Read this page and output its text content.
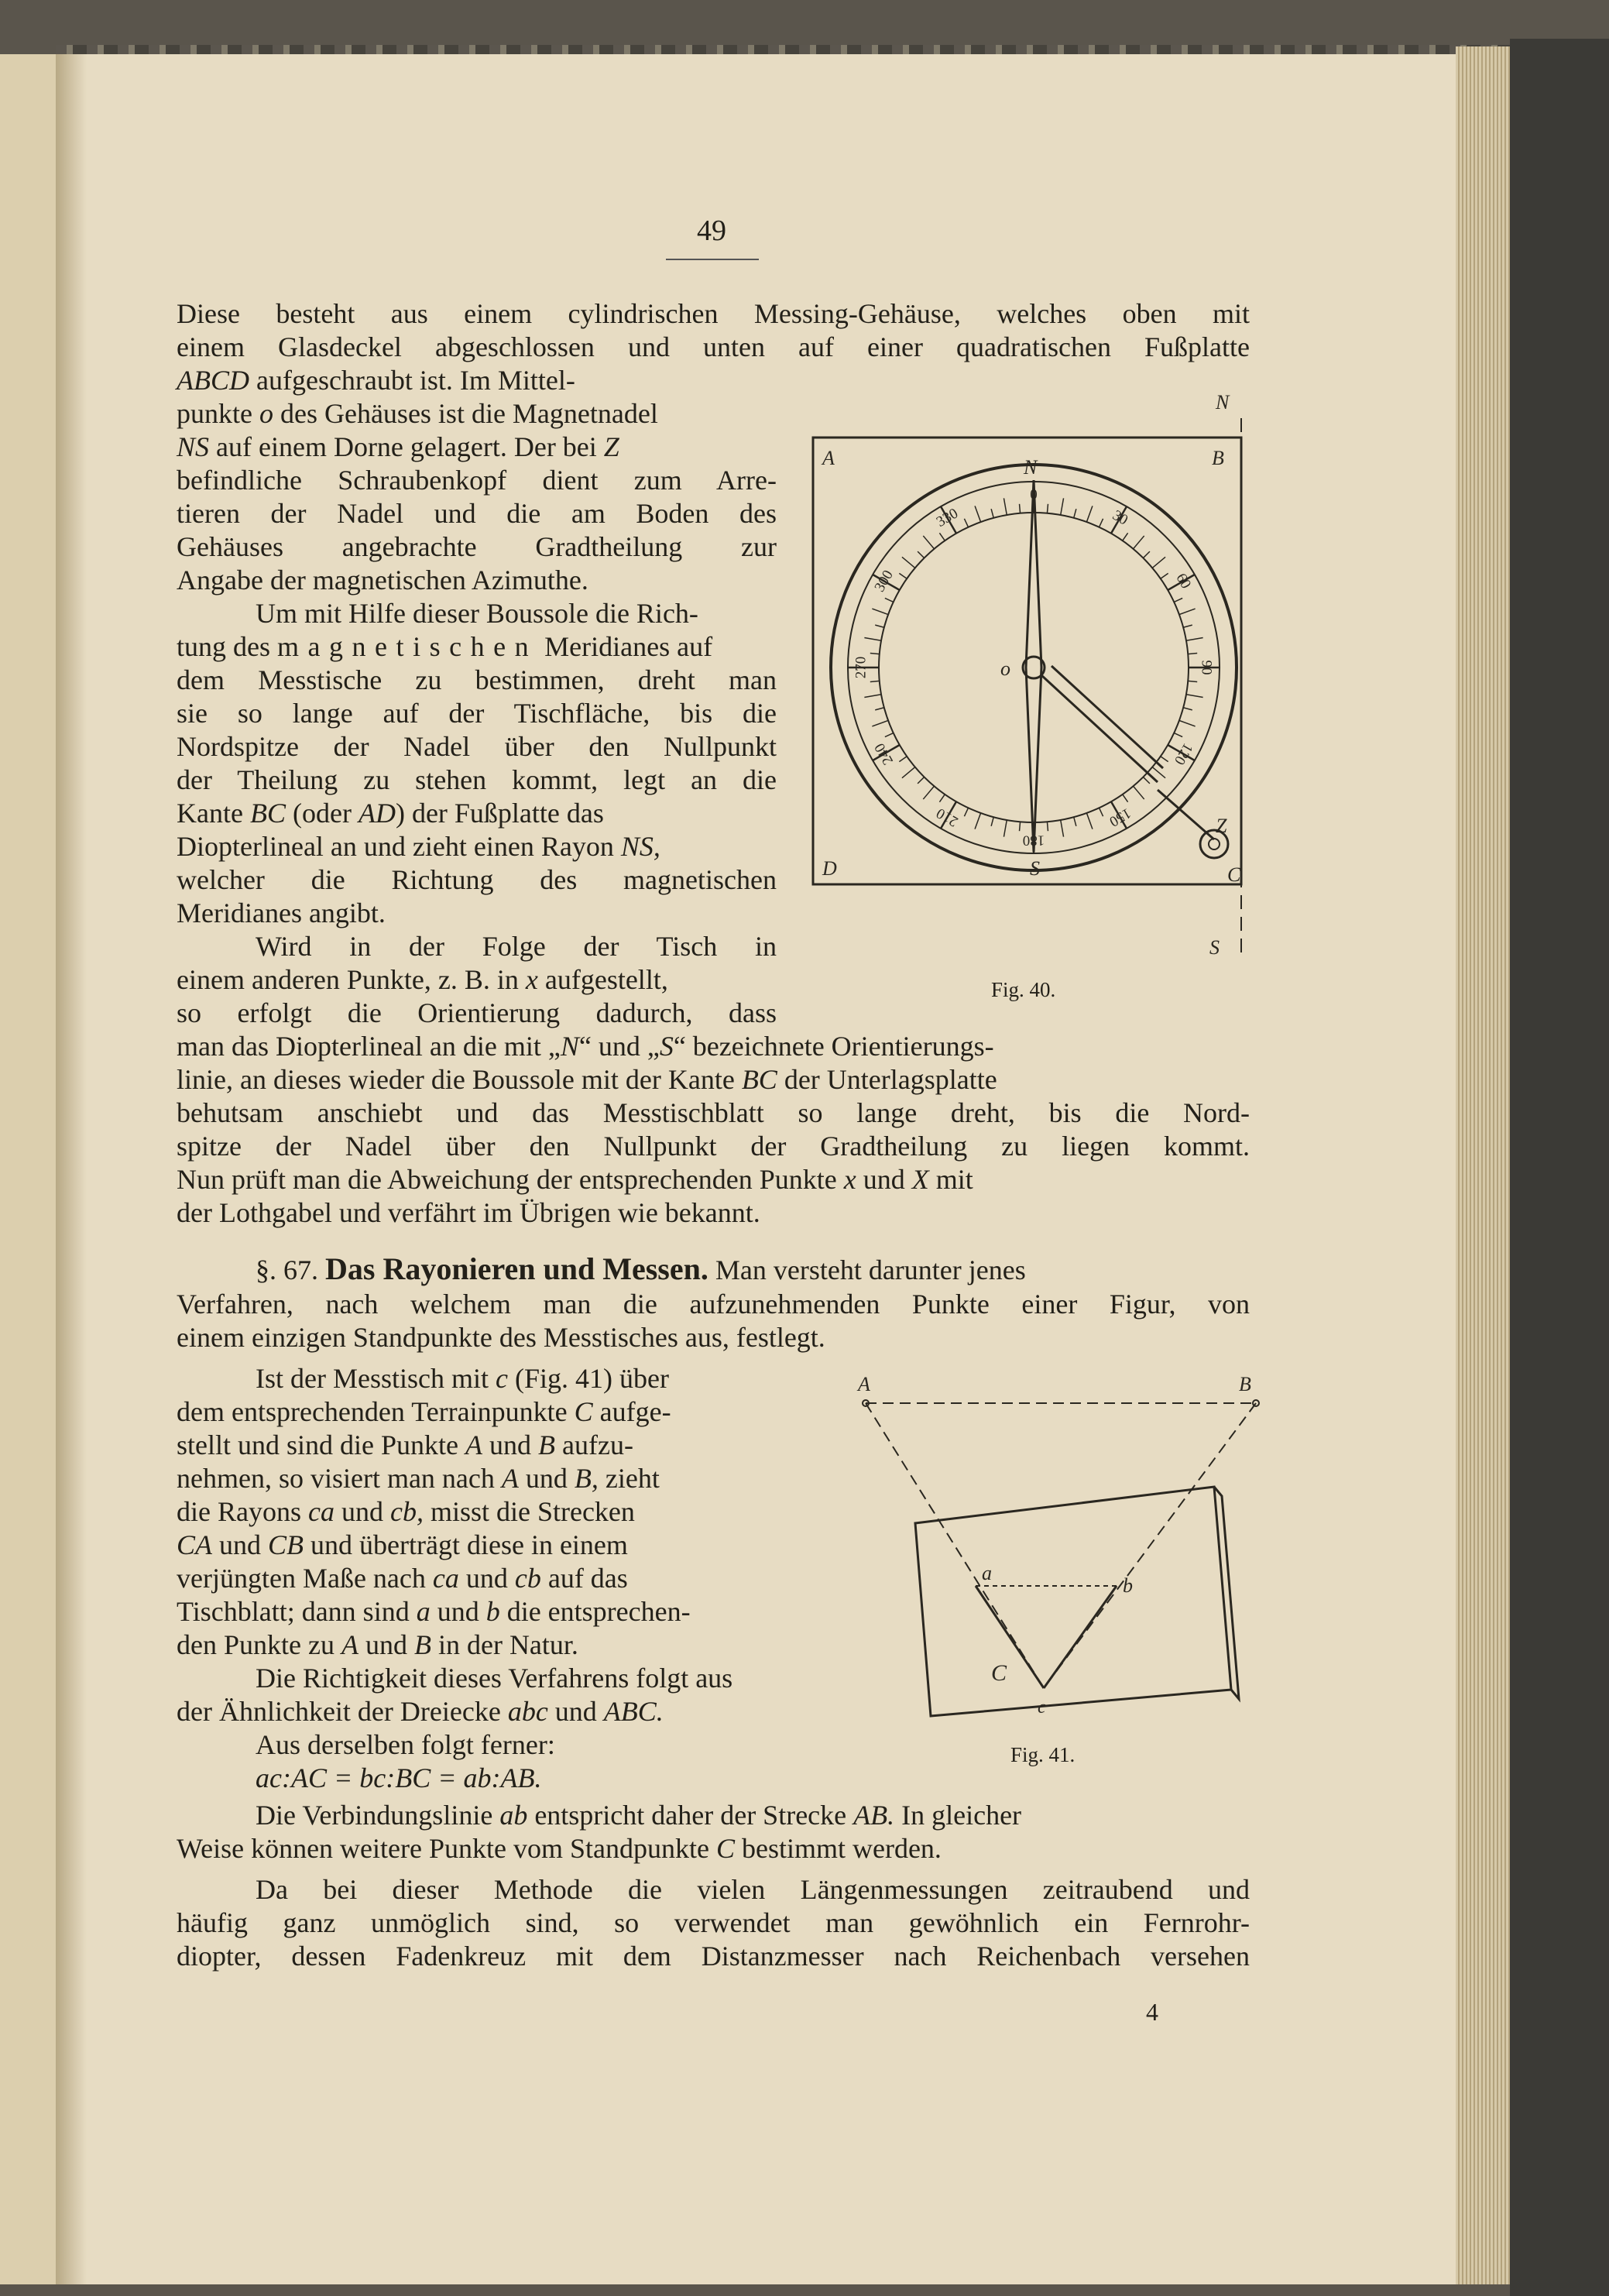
49
Diese besteht aus einem cylindrischen Messing-Gehäuse, welches oben mit
einem Glasdeckel abgeschlossen und unten auf einer quadratischen Fußplatte
ABCD aufgeschraubt ist. Im Mittel-
punkte o des Gehäuses ist die Magnetnadel
NS auf einem Dorne gelagert. Der bei Z
befindliche Schraubenkopf dient zum Arre-
tieren der Nadel und die am Boden des
Gehäuses angebrachte Gradtheilung zur
Angabe der magnetischen Azimuthe.
Um mit Hilfe dieser Boussole die Rich-
tung des magnetischen Meridianes auf
dem Messtische zu bestimmen, dreht man
sie so lange auf der Tischfläche, bis die
Nordspitze der Nadel über den Nullpunkt
der Theilung zu stehen kommt, legt an die
Kante BC (oder AD) der Fußplatte das
Diopterlineal an und zieht einen Rayon NS,
welcher die Richtung des magnetischen
Meridianes angibt.
Wird in der Folge der Tisch in
einem anderen Punkte, z. B. in x aufgestellt,
so erfolgt die Orientierung dadurch, dass
man das Diopterlineal an die mit „N“ und „S“ bezeichnete Orientierungs-
linie, an dieses wieder die Boussole mit der Kante BC der Unterlagsplatte
behutsam anschiebt und das Messtischblatt so lange dreht, bis die Nord-
spitze der Nadel über den Nullpunkt der Gradtheilung zu liegen kommt.
Nun prüft man die Abweichung der entsprechenden Punkte x und X mit
der Lothgabel und verfährt im Übrigen wie bekannt.
§. 67. Das Rayonieren und Messen. Man versteht darunter jenes
Verfahren, nach welchem man die aufzunehmenden Punkte einer Figur, von
einem einzigen Standpunkte des Messtisches aus, festlegt.
Ist der Messtisch mit c (Fig. 41) über
dem entsprechenden Terrainpunkte C aufge-
stellt und sind die Punkte A und B aufzu-
nehmen, so visiert man nach A und B, zieht
die Rayons ca und cb, misst die Strecken
CA und CB und überträgt diese in einem
verjüngten Maße nach ca und cb auf das
Tischblatt; dann sind a und b die entsprechen-
den Punkte zu A und B in der Natur.
Die Richtigkeit dieses Verfahrens folgt aus
der Ähnlichkeit der Dreiecke abc und ABC.
Aus derselben folgt ferner:
ac:AC = bc:BC = ab:AB.
Die Verbindungslinie ab entspricht daher der Strecke AB. In gleicher
Weise können weitere Punkte vom Standpunkte C bestimmt werden.
Da bei dieser Methode die vielen Längenmessungen zeitraubend und
häufig ganz unmöglich sind, so verwendet man gewöhnlich ein Fernrohr-
diopter, dessen Fadenkreuz mit dem Distanzmesser nach Reichenbach versehen
4
N
S
A	B
D	C
Z
0
30
60
90
120
150
180
210
240
270
300
330
o
N
S
Fig. 40.
A	B
a
b
C
c
Fig. 41.
